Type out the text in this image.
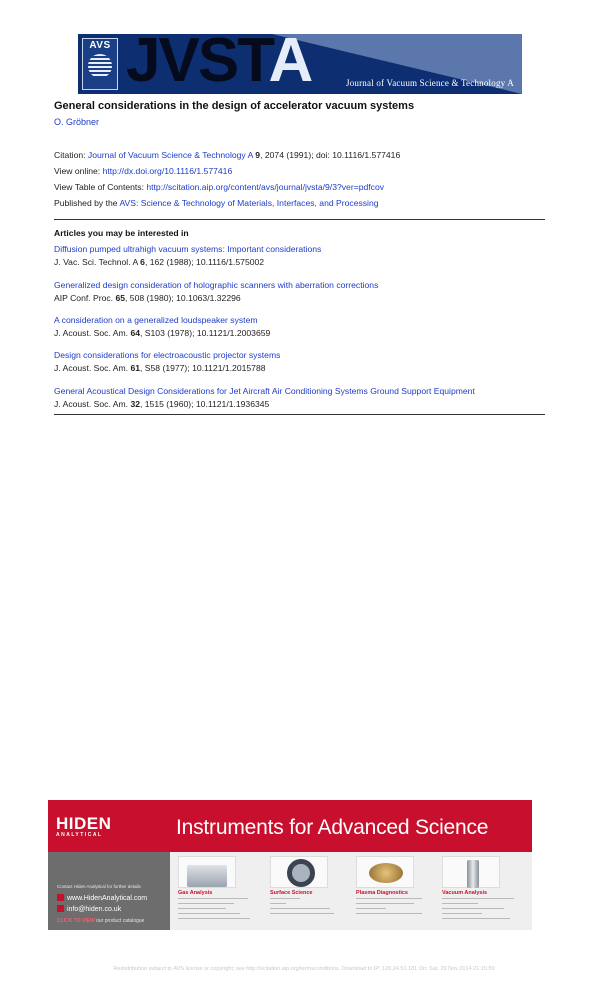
AVS JVSTA	Journal of Vacuum Science & Technology A
General considerations in the design of accelerator vacuum systems
O. Gröbner
Citation: Journal of Vacuum Science & Technology A 9, 2074 (1991); doi: 10.1116/1.577416
View online: http://dx.doi.org/10.1116/1.577416
View Table of Contents: http://scitation.aip.org/content/avs/journal/jvsta/9/3?ver=pdfcov
Published by the AVS: Science & Technology of Materials, Interfaces, and Processing
Articles you may be interested in
Diffusion pumped ultrahigh vacuum systems: Important considerations
J. Vac. Sci. Technol. A 6, 162 (1988); 10.1116/1.575002
Generalized design consideration of holographic scanners with aberration corrections
AIP Conf. Proc. 65, 508 (1980); 10.1063/1.32296
A consideration on a generalized loudspeaker system
J. Acoust. Soc. Am. 64, S103 (1978); 10.1121/1.2003659
Design considerations for electroacoustic projector systems
J. Acoust. Soc. Am. 61, S58 (1977); 10.1121/1.2015788
General Acoustical Design Considerations for Jet Aircraft Air Conditioning Systems Ground Support Equipment
J. Acoust. Soc. Am. 32, 1515 (1960); 10.1121/1.1936345
HIDEN
ANALYTICAL	Instruments for Advanced Science
Contact Hiden Analytical for further details
www.HidenAnalytical.com
info@hiden.co.uk
CLICK TO VIEW our product catalogue
Gas Analysis	Surface Science	Plasma Diagnostics	Vacuum Analysis
Redistribution subject to AVS license or copyright; see http://scitation.aip.org/termsconditions. Download to IP: 128.24.51.181 On: Sat, 29 Nov 2014 21:15:59
